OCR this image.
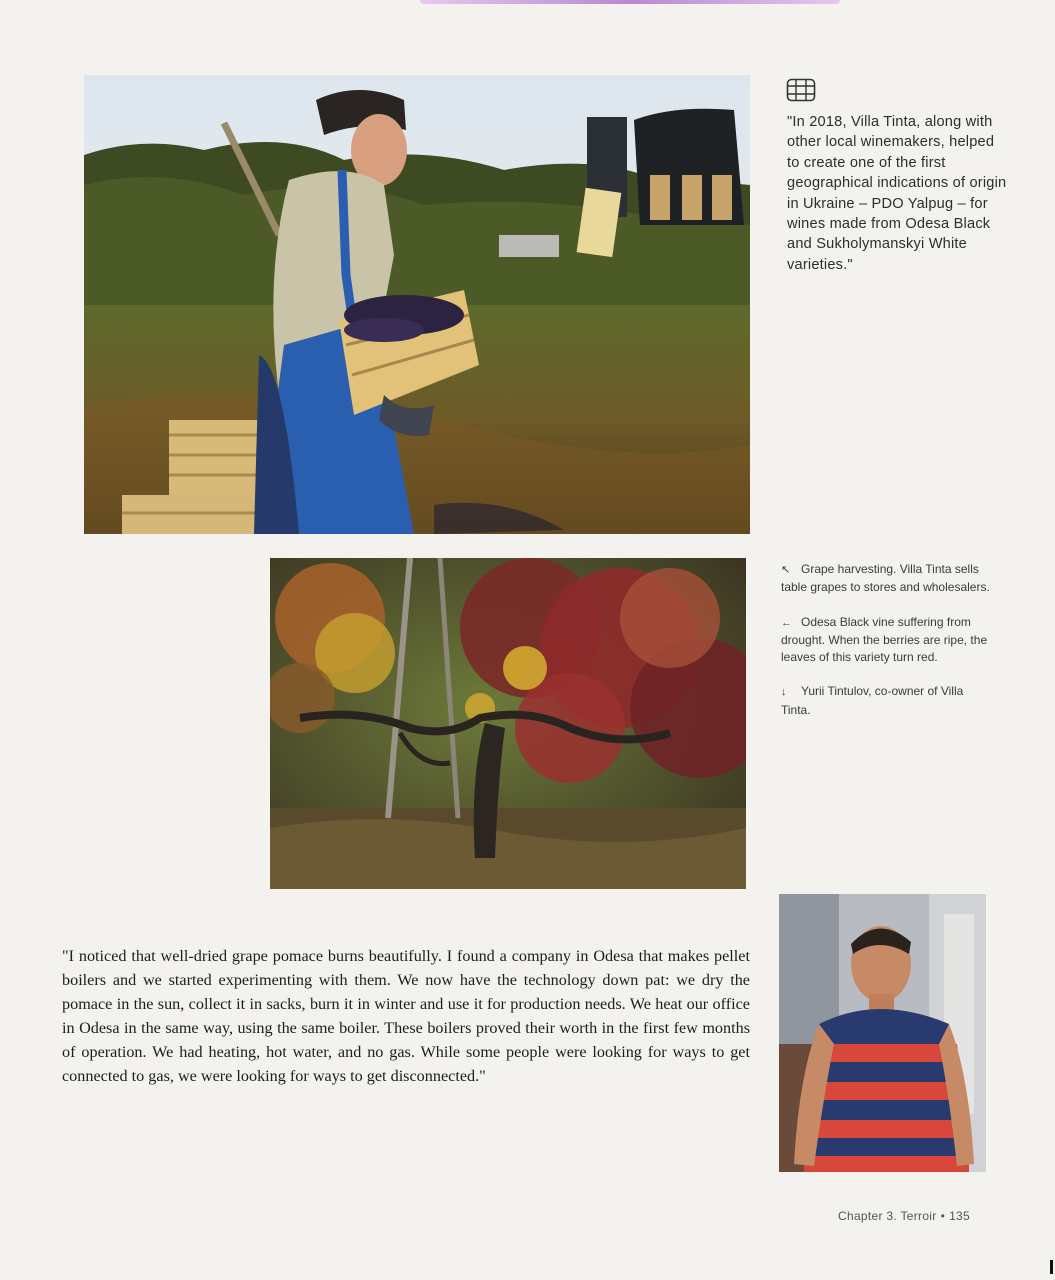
"In 2018, Villa Tinta, along with other local winemakers, helped to create one of the first geographical indications of origin in Ukraine – PDO Yalpug – for wines made from Odesa Black and Sukholymanskyi White varieties."

↖ Grape harvesting. Villa Tinta sells table grapes to stores and wholesalers.

← Odesa Black vine suffering from drought. When the berries are ripe, the leaves of this variety turn red.

↓ Yurii Tintulov, co-owner of Villa Tinta.

"I noticed that well-dried grape pomace burns beautifully. I found a company in Odesa that makes pellet boilers and we started experimenting with them. We now have the technology down pat: we dry the pomace in the sun, collect it in sacks, burn it in winter and use it for production needs. We heat our office in Odesa in the same way, using the same boiler. These boilers proved their worth in the first few months of operation. We had heating, hot water, and no gas. While some people were looking for ways to get connected to gas, we were looking for ways to get disconnected."

Chapter 3. Terroir • 135
